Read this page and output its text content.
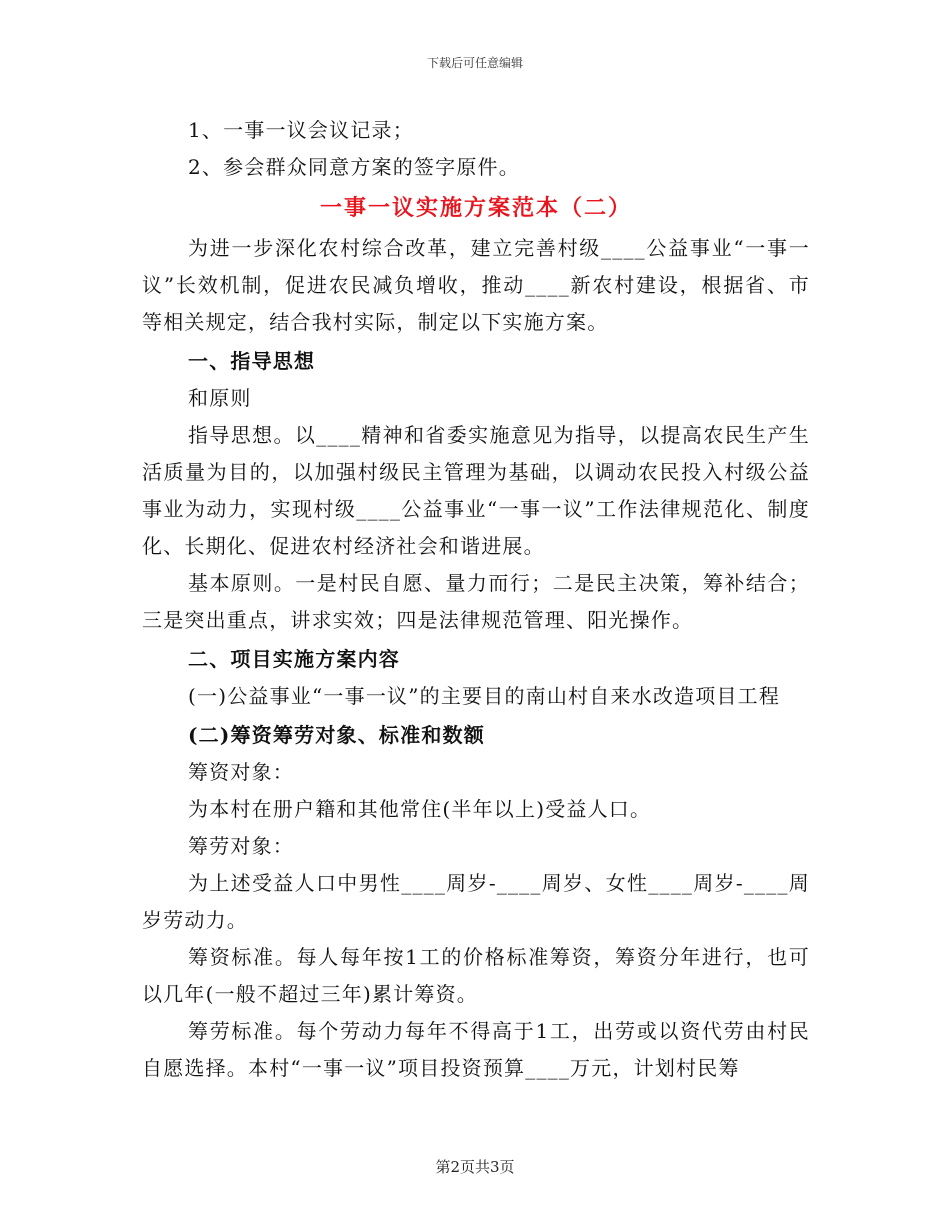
下载后可任意编辑

1、一事一议会议记录；

2、参会群众同意方案的签字原件。

一事一议实施方案范本（二）

为进一步深化农村综合改革，建立完善村级____公益事业“一事一议”长效机制，促进农民减负增收，推动____新农村建设，根据省、市等相关规定，结合我村实际，制定以下实施方案。

一、指导思想

和原则

指导思想。以____精神和省委实施意见为指导，以提高农民生产生活质量为目的，以加强村级民主管理为基础，以调动农民投入村级公益事业为动力，实现村级____公益事业“一事一议”工作法律规范化、制度化、长期化、促进农村经济社会和谐进展。

基本原则。一是村民自愿、量力而行；二是民主决策，筹补结合；三是突出重点，讲求实效；四是法律规范管理、阳光操作。

二、项目实施方案内容

(一)公益事业“一事一议”的主要目的南山村自来水改造项目工程

(二)筹资筹劳对象、标准和数额

筹资对象：

为本村在册户籍和其他常住(半年以上)受益人口。

筹劳对象：

为上述受益人口中男性____周岁-____周岁、女性____周岁-____周岁劳动力。

筹资标准。每人每年按1工的价格标准筹资，筹资分年进行，也可以几年(一般不超过三年)累计筹资。

筹劳标准。每个劳动力每年不得高于1工，出劳或以资代劳由村民自愿选择。本村“一事一议”项目投资预算____万元，计划村民筹

第2页共3页
